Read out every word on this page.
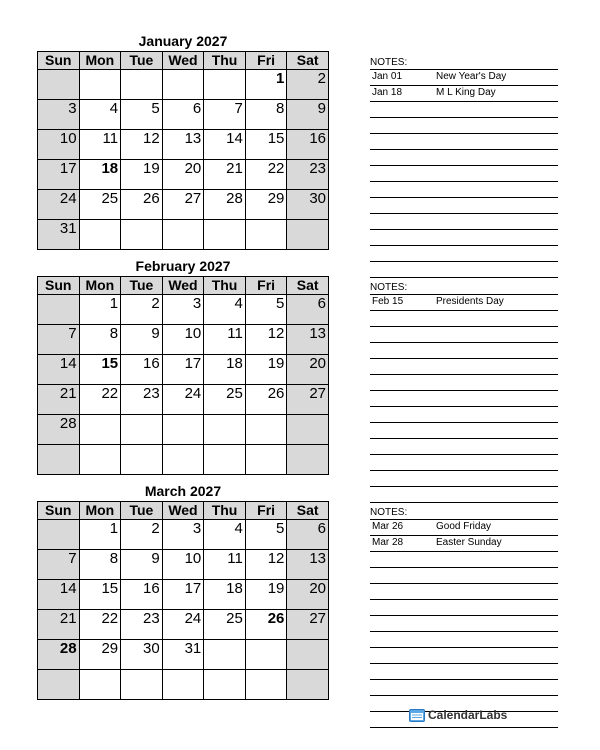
January 2027
Sun	Mon	Tue	Wed	Thu	Fri	Sat
					1	2
3	4	5	6	7	8	9
10	11	12	13	14	15	16
17	18	19	20	21	22	23
24	25	26	27	28	29	30
31						
NOTES:
Jan 01	New Year's Day
Jan 18	M L King Day
February 2027
Sun	Mon	Tue	Wed	Thu	Fri	Sat
	1	2	3	4	5	6
7	8	9	10	11	12	13
14	15	16	17	18	19	20
21	22	23	24	25	26	27
28						

NOTES:
Feb 15	Presidents Day
March 2027
Sun	Mon	Tue	Wed	Thu	Fri	Sat
	1	2	3	4	5	6
7	8	9	10	11	12	13
14	15	16	17	18	19	20
21	22	23	24	25	26	27
28	29	30	31			

NOTES:
Mar 26	Good Friday
Mar 28	Easter Sunday
CalendarLabs
